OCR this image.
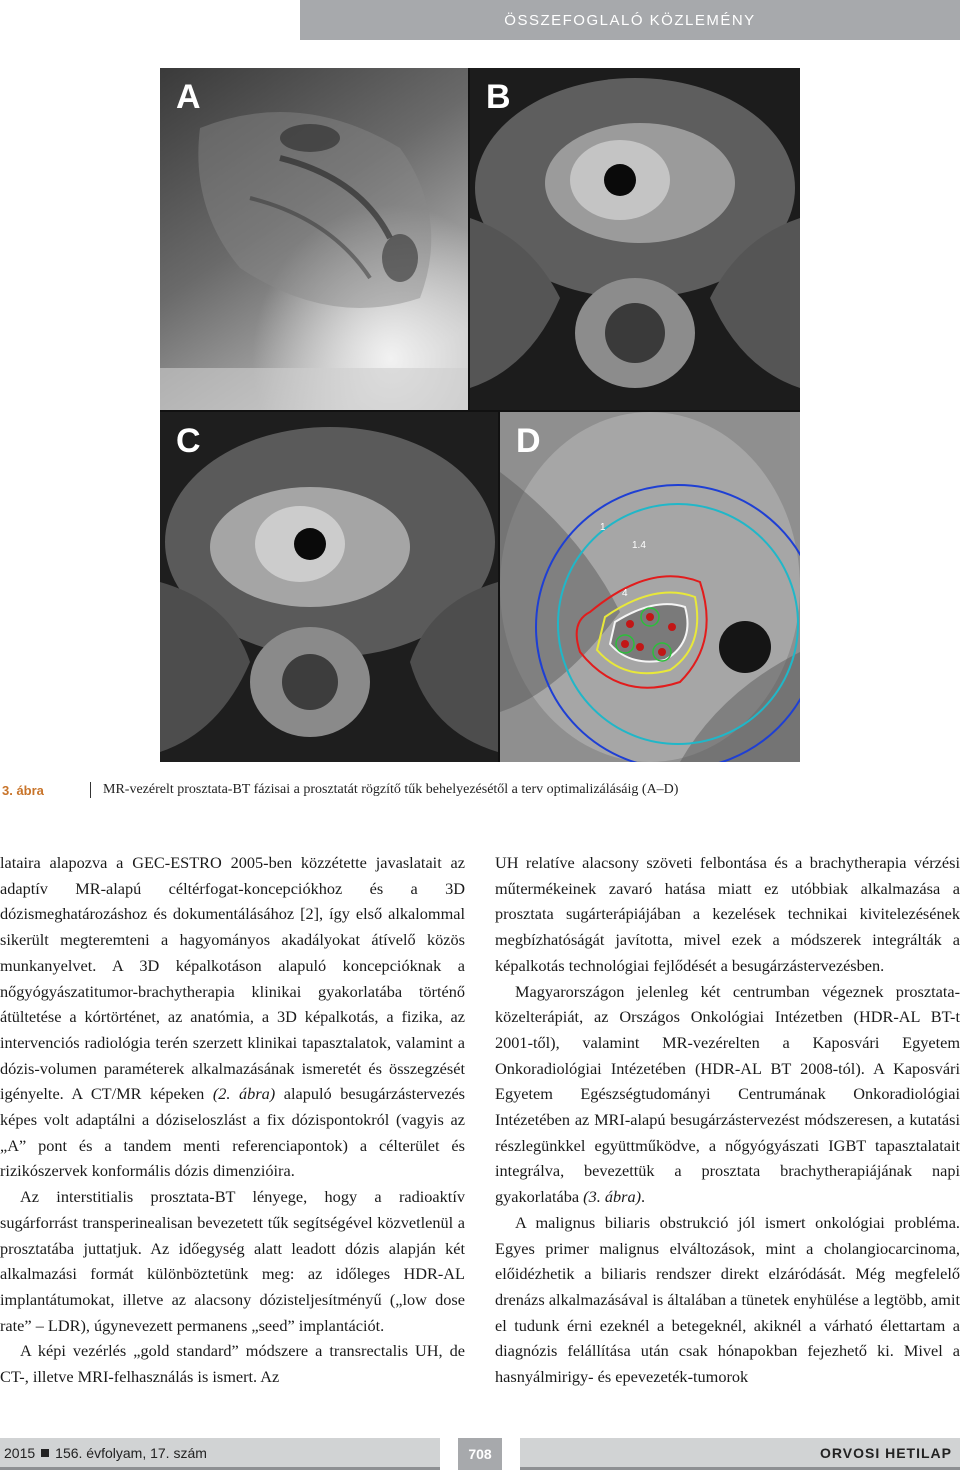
ÖSSZEFOGLALÓ KÖZLEMÉNY
A	B
C
1
1.4
4
D
3. ábra	MR-vezérelt prosztata-BT fázisai a prosztatát rögzítő tűk behelyezésétől a terv optimalizálásáig (A–D)

lataira alapozva a GEC-ESTRO 2005-ben közzétette javaslatait az adaptív MR-alapú céltérfogat-koncepciókhoz és a 3D dózismeghatározáshoz és dokumentálásához [2], így első alkalommal sikerült megteremteni a hagyományos akadályokat átívelő közös munkanyelvet. A 3D képalkotáson alapuló koncepcióknak a nőgyógyászatitumor-brachytherapia klinikai gyakorlatába történő átültetése a kórtörténet, az anatómia, a 3D képalkotás, a fizika, az intervenciós radiológia terén szerzett klinikai tapasztalatok, valamint a dózis-volumen paraméterek alkalmazásának ismeretét és összegzését igényelte. A CT/MR képeken (2. ábra) alapuló besugárzástervezés képes volt adaptálni a dóziseloszlást a fix dózispontokról (vagyis az „A” pont és a tandem menti referenciapontok) a célterület és rizikószervek konformális dózis dimenzióira.

Az interstitialis prosztata-BT lényege, hogy a radioaktív sugárforrást transperinealisan bevezetett tűk segítségével közvetlenül a prosztatába juttatjuk. Az időegység alatt leadott dózis alapján két alkalmazási formát különböztetünk meg: az időleges HDR-AL implantátumokat, illetve az alacsony dózisteljesítményű („low dose rate” – LDR), úgynevezett permanens „seed” implantációt.

A képi vezérlés „gold standard” módszere a transrectalis UH, de CT-, illetve MRI-felhasználás is ismert. Az

UH relatíve alacsony szöveti felbontása és a brachytherapia vérzési műtermékeinek zavaró hatása miatt ez utóbbiak alkalmazása a prosztata sugárterápiájában a kezelések technikai kivitelezésének megbízhatóságát javította, mivel ezek a módszerek integrálták a képalkotás technológiai fejlődését a besugárzástervezésben.

Magyarországon jelenleg két centrumban végeznek prosztata-közelterápiát, az Országos Onkológiai Intézetben (HDR-AL BT-t 2001-től), valamint MR-vezérelten a Kaposvári Egyetem Onkoradiológiai Intézetében (HDR-AL BT 2008-tól). A Kaposvári Egyetem Egészségtudományi Centrumának Onkoradiológiai Intézetében az MRI-alapú besugárzástervezést módszeresen, a kutatási részlegünkkel együttműködve, a nőgyógyászati IGBT tapasztalatait integrálva, bevezettük a prosztata brachytherapiájának napi gyakorlatába (3. ábra).

A malignus biliaris obstrukció jól ismert onkológiai probléma. Egyes primer malignus elváltozások, mint a cholangiocarcinoma, előidézhetik a biliaris rendszer direkt elzáródását. Még megfelelő drenázs alkalmazásával is általában a tünetek enyhülése a legtöbb, amit el tudunk érni ezeknél a betegeknél, akiknél a várható élettartam a diagnózis felállítása után csak hónapokban fejezhető ki. Mivel a hasnyálmirigy- és epevezeték-tumorok

2015 156. évfolyam, 17. szám	708	ORVOSI HETILAP
